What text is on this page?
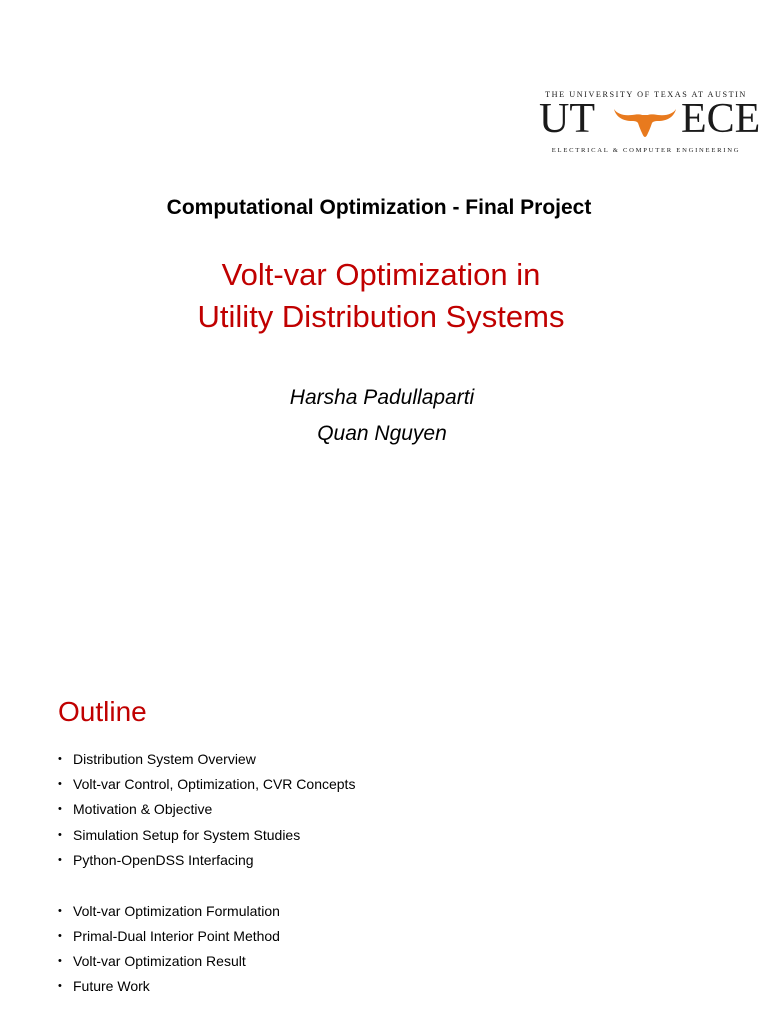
THE UNIVERSITY OF TEXAS AT AUSTIN
UT ECE
ELECTRICAL & COMPUTER ENGINEERING
Computational Optimization - Final Project
Volt-var Optimization in
Utility Distribution Systems
Harsha Padullaparti
Quan Nguyen
Outline
• Distribution System Overview
• Volt-var Control, Optimization, CVR Concepts
• Motivation & Objective
• Simulation Setup for System Studies
• Python-OpenDSS Interfacing
• Volt-var Optimization Formulation
• Primal-Dual Interior Point Method
• Volt-var Optimization Result
• Future Work
